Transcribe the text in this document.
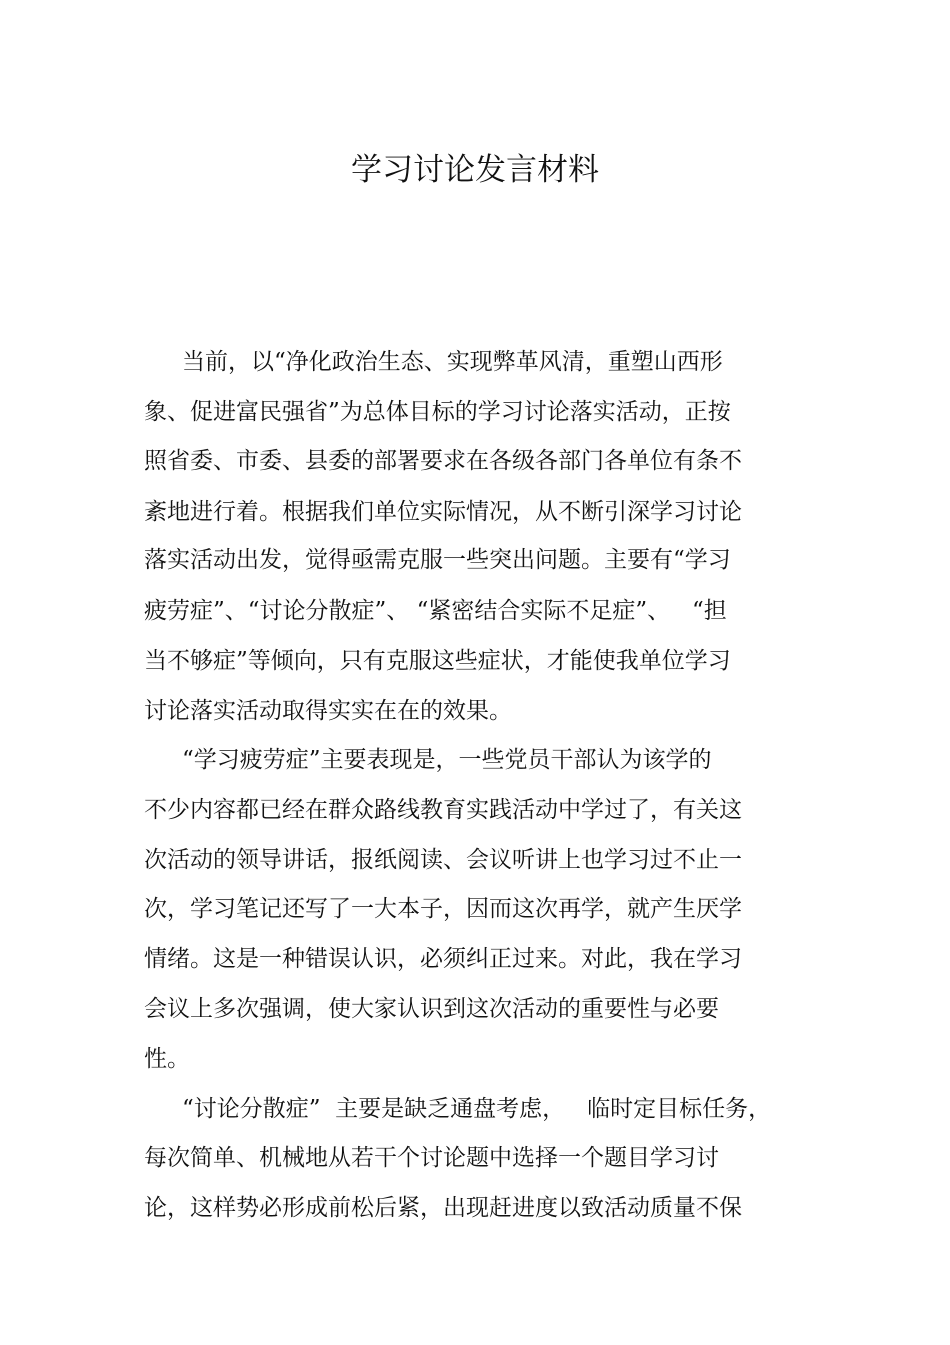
学习讨论发言材料
当前，以“净化政治生态、实现弊革风清，重塑山西形
象、促进富民强省”为总体目标的学习讨论落实活动，正按
照省委、市委、县委的部署要求在各级各部门各单位有条不
紊地进行着。根据我们单位实际情况，从不断引深学习讨论
落实活动出发，觉得亟需克服一些突出问题。主要有“学习
疲劳症”、“讨论分散症”、 “紧密结合实际不足症”、   “担
当不够症”等倾向，只有克服这些症状，才能使我单位学习
讨论落实活动取得实实在在的效果。
“学习疲劳症”主要表现是，一些党员干部认为该学的
不少内容都已经在群众路线教育实践活动中学过了，有关这
次活动的领导讲话，报纸阅读、会议听讲上也学习过不止一
次，学习笔记还写了一大本子，因而这次再学，就产生厌学
情绪。这是一种错误认识，必须纠正过来。对此，我在学习
会议上多次强调，使大家认识到这次活动的重要性与必要
性。
“讨论分散症”  主要是缺乏通盘考虑，   临时定目标任务，
每次简单、机械地从若干个讨论题中选择一个题目学习讨
论，这样势必形成前松后紧，出现赶进度以致活动质量不保
